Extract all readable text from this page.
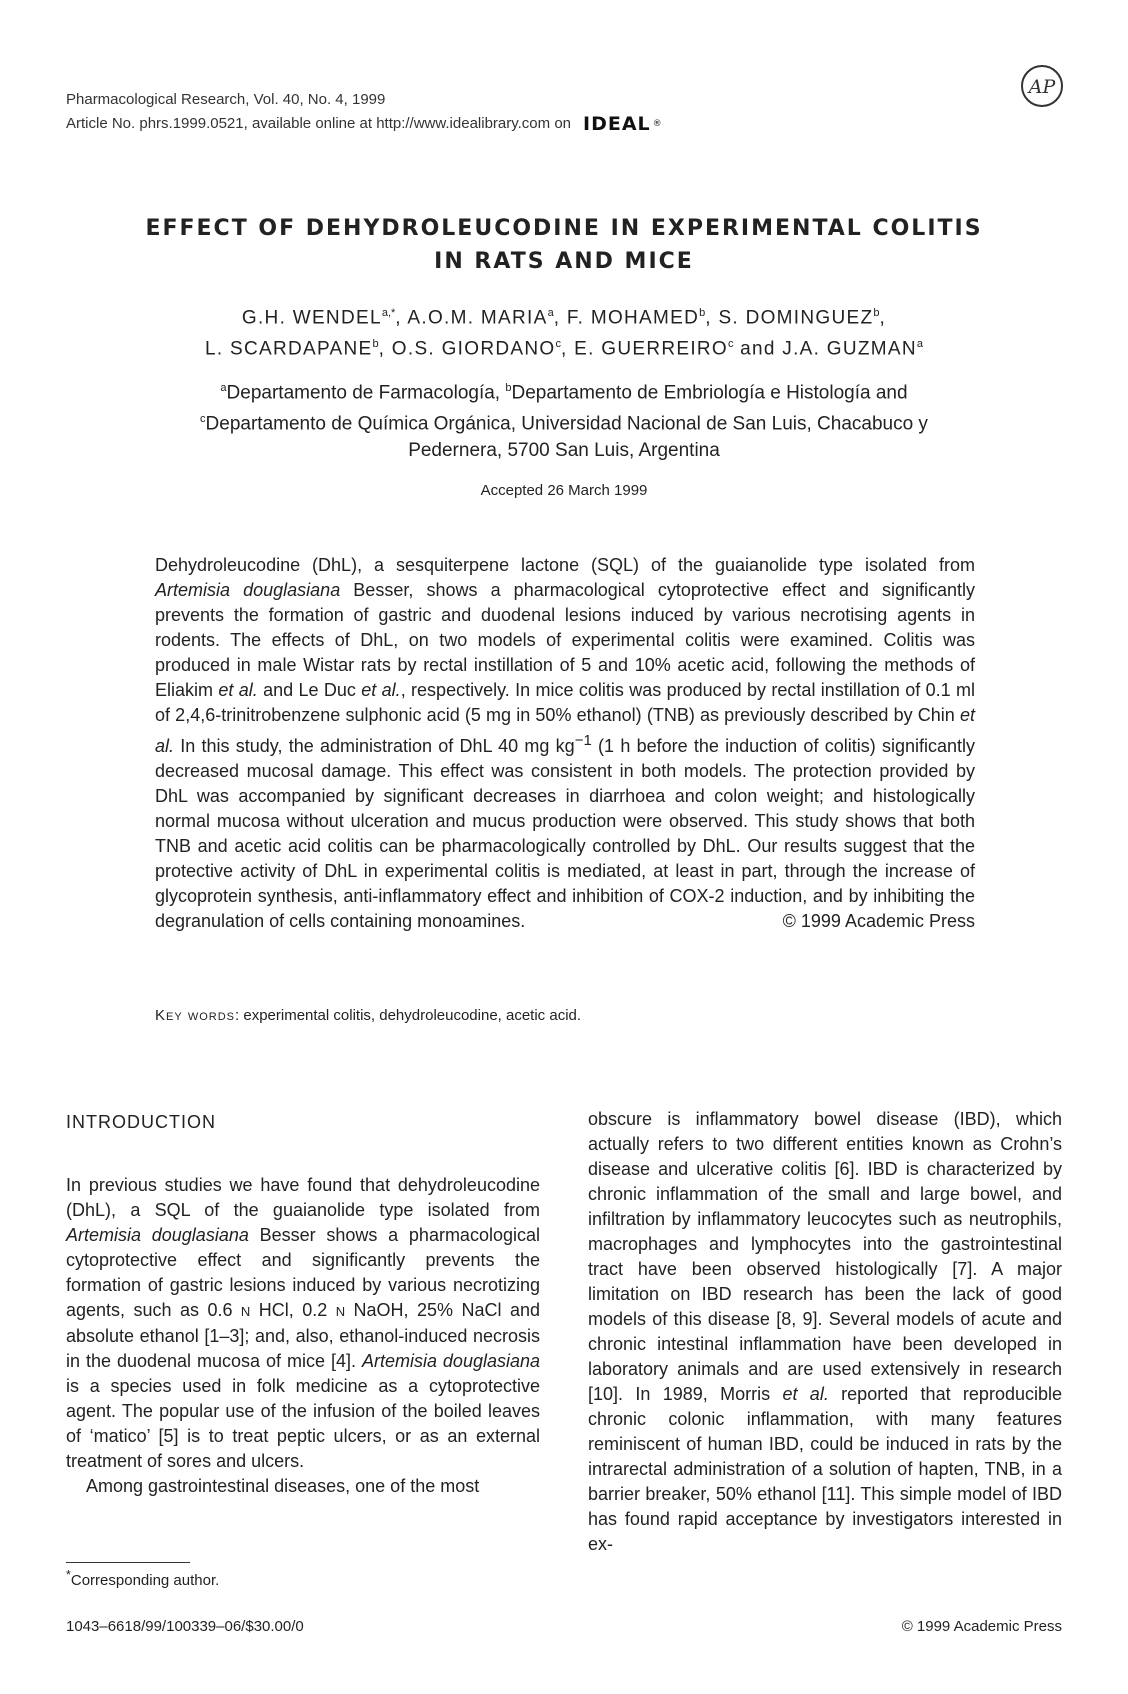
Pharmacological Research, Vol. 40, No. 4, 1999
Article No. phrs.1999.0521, available online at http://www.idealibrary.com on IDEAL ®
AP
EFFECT OF DEHYDROLEUCODINE IN EXPERIMENTAL COLITIS
IN RATS AND MICE
G.H. $WENDEL^{a,*}$, A.O.M. MARIA$^a$, F. MOHAMED$^b$, S. DOMINGUEZ$^b$,
L. SCARDAPANE$^b$, O.S. GIORDANO$^c$, E. GUERREIRO$^c$ and J.A. GUZMAN$^a$
$^a$Departamento de Farmacología, $^b$Departamento de Embriología e Histología and
$^c$Departamento de Química Orgánica, Universidad Nacional de San Luis, Chacabuco y
Pedernera, 5700 San Luis, Argentina
Accepted 26 March 1999
Dehydroleucodine (DhL), a sesquiterpene lactone (SQL) of the guaianolide type isolated from Artemisia douglasiana Besser, shows a pharmacological cytoprotective effect and significantly prevents the formation of gastric and duodenal lesions induced by various necrotising agents in rodents. The effects of DhL, on two models of experimental colitis were examined. Colitis was produced in male Wistar rats by rectal instillation of 5 and 10% acetic acid, following the methods of Eliakim et al. and Le Duc et al., respectively. In mice colitis was produced by rectal instillation of 0.1 ml of 2,4,6-trinitrobenzene sulphonic acid (5 mg in 50% ethanol) (TNB) as previously described by Chin et al. In this study, the administration of DhL 40 mg $kg^{-1}$ (1 h before the induction of colitis) significantly decreased mucosal damage. This effect was consistent in both models. The protection provided by DhL was accompanied by significant decreases in diarrhoea and colon weight; and histologically normal mucosa without ulceration and mucus production were observed. This study shows that both TNB and acetic acid colitis can be pharmacologically controlled by DhL. Our results suggest that the protective activity of DhL in experimental colitis is mediated, at least in part, through the increase of glycoprotein synthesis, anti-inflammatory effect and inhibition of COX-2 induction, and by inhibiting the degranulation of cells containing monoamines.	© 1999 Academic Press
Key words: experimental colitis, dehydroleucodine, acetic acid.
INTRODUCTION

In previous studies we have found that dehydroleucodine (DhL), a SQL of the guaianolide type isolated from Artemisia douglasiana Besser shows a pharmacological cytoprotective effect and significantly prevents the formation of gastric lesions induced by various necrotizing agents, such as 0.6 N HCl, 0.2 N NaOH, 25% NaCl and absolute ethanol [1–3]; and, also, ethanol-induced necrosis in the duodenal mucosa of mice [4]. Artemisia douglasiana is a species used in folk medicine as a cytoprotective agent. The popular use of the infusion of the boiled leaves of ‘matico’ [5] is to treat peptic ulcers, or as an external treatment of sores and ulcers.

Among gastrointestinal diseases, one of the most

obscure is inflammatory bowel disease (IBD), which actually refers to two different entities known as Crohn’s disease and ulcerative colitis [6]. IBD is characterized by chronic inflammation of the small and large bowel, and infiltration by inflammatory leucocytes such as neutrophils, macrophages and lymphocytes into the gastrointestinal tract have been observed histologically [7]. A major limitation on IBD research has been the lack of good models of this disease [8, 9]. Several models of acute and chronic intestinal inflammation have been developed in laboratory animals and are used extensively in research [10]. In 1989, Morris et al. reported that reproducible chronic colonic inflammation, with many features reminiscent of human IBD, could be induced in rats by the intrarectal administration of a solution of hapten, TNB, in a barrier breaker, 50% ethanol [11]. This simple model of IBD has found rapid acceptance by investigators interested in ex-

*Corresponding author.
1043–6618/99/100339–06/$30.00/0	© 1999 Academic Press
